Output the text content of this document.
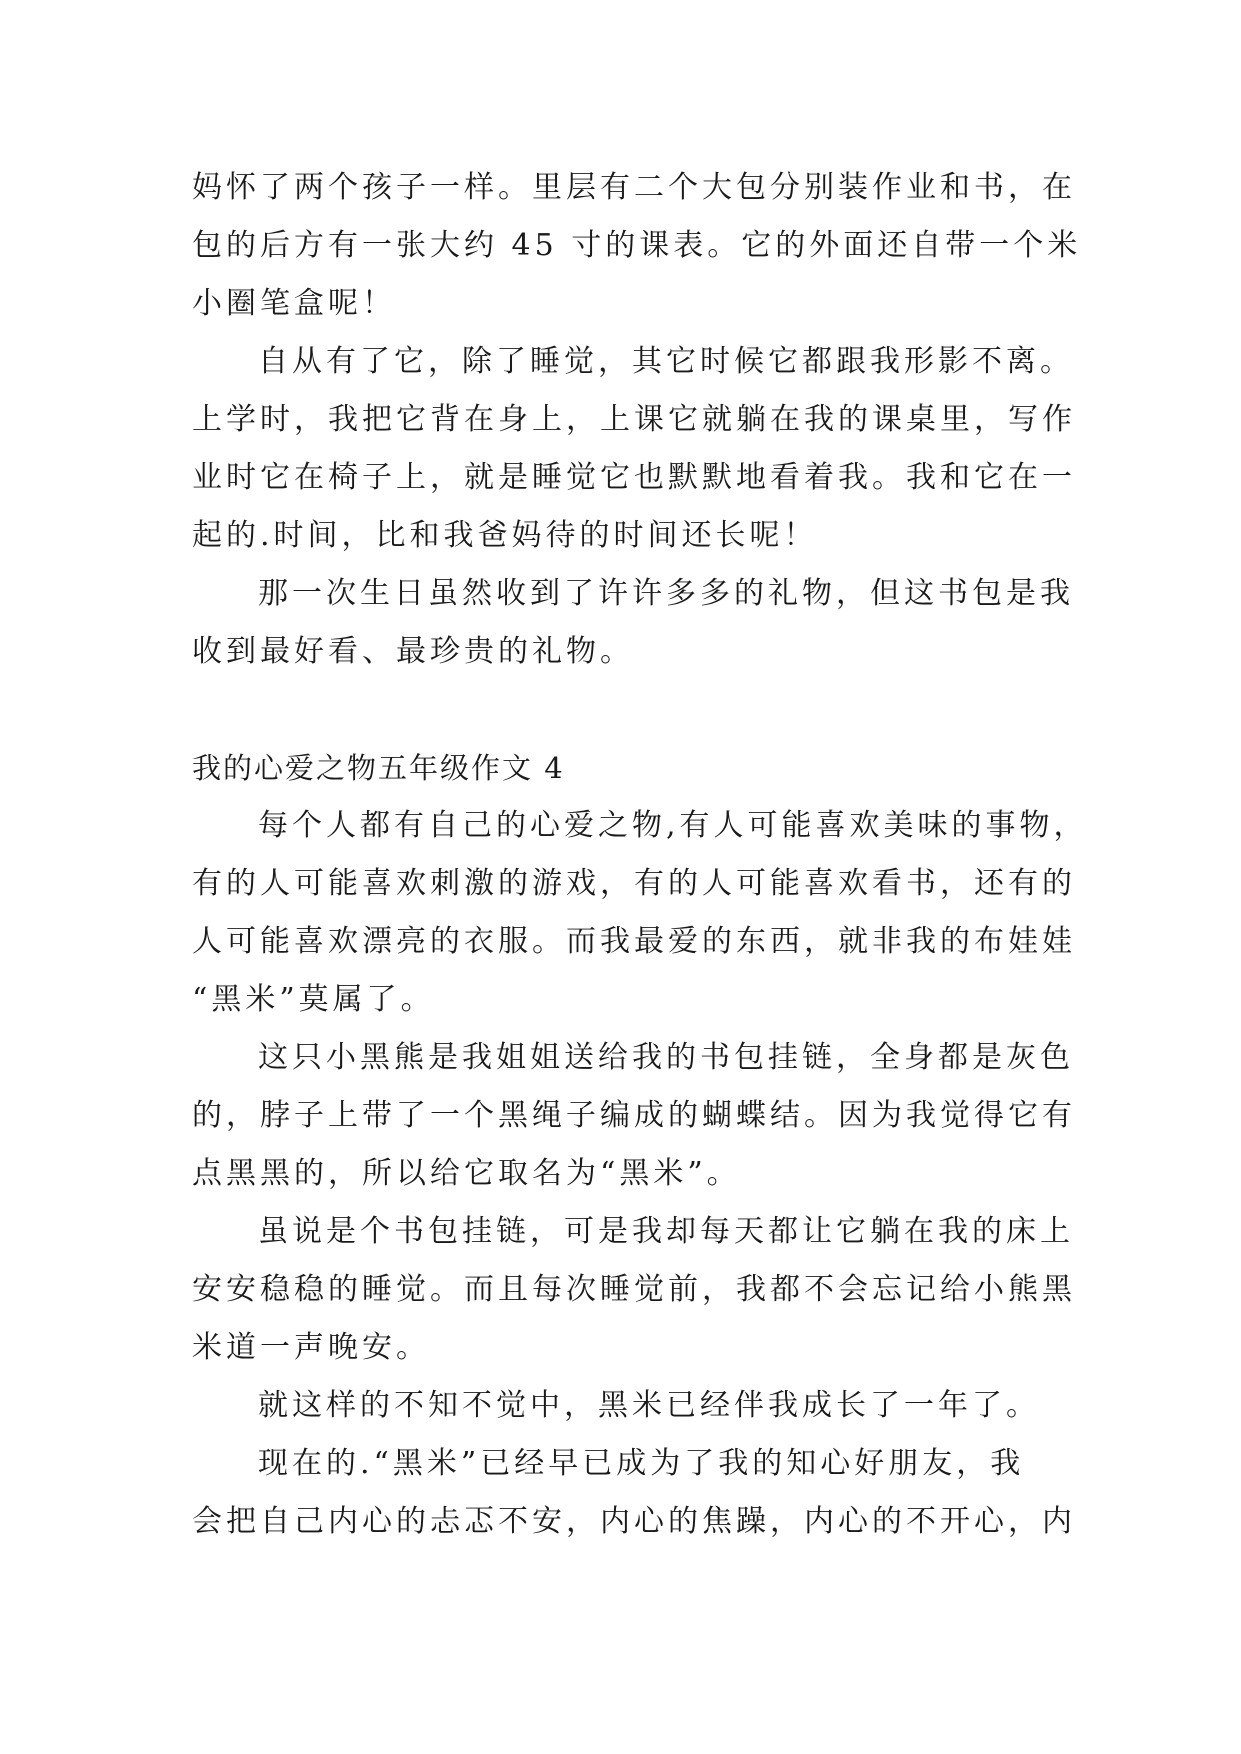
妈怀了两个孩子一样。里层有二个大包分别装作业和书，在

包的后方有一张大约 45 寸的课表。它的外面还自带一个米

小圈笔盒呢！

自从有了它，除了睡觉，其它时候它都跟我形影不离。

上学时，我把它背在身上，上课它就躺在我的课桌里，写作

业时它在椅子上，就是睡觉它也默默地看着我。我和它在一

起的.时间，比和我爸妈待的时间还长呢！

那一次生日虽然收到了许许多多的礼物，但这书包是我

收到最好看、最珍贵的礼物。

我的心爱之物五年级作文 4

每个人都有自己的心爱之物,有人可能喜欢美味的事物，

有的人可能喜欢刺激的游戏，有的人可能喜欢看书，还有的

人可能喜欢漂亮的衣服。而我最爱的东西，就非我的布娃娃

“黑米”莫属了。

这只小黑熊是我姐姐送给我的书包挂链，全身都是灰色

的，脖子上带了一个黑绳子编成的蝴蝶结。因为我觉得它有

点黑黑的，所以给它取名为“黑米”。

虽说是个书包挂链，可是我却每天都让它躺在我的床上

安安稳稳的睡觉。而且每次睡觉前，我都不会忘记给小熊黑

米道一声晚安。

就这样的不知不觉中，黑米已经伴我成长了一年了。

现在的.“黑米”已经早已成为了我的知心好朋友，我

会把自己内心的忐忑不安，内心的焦躁，内心的不开心，内
